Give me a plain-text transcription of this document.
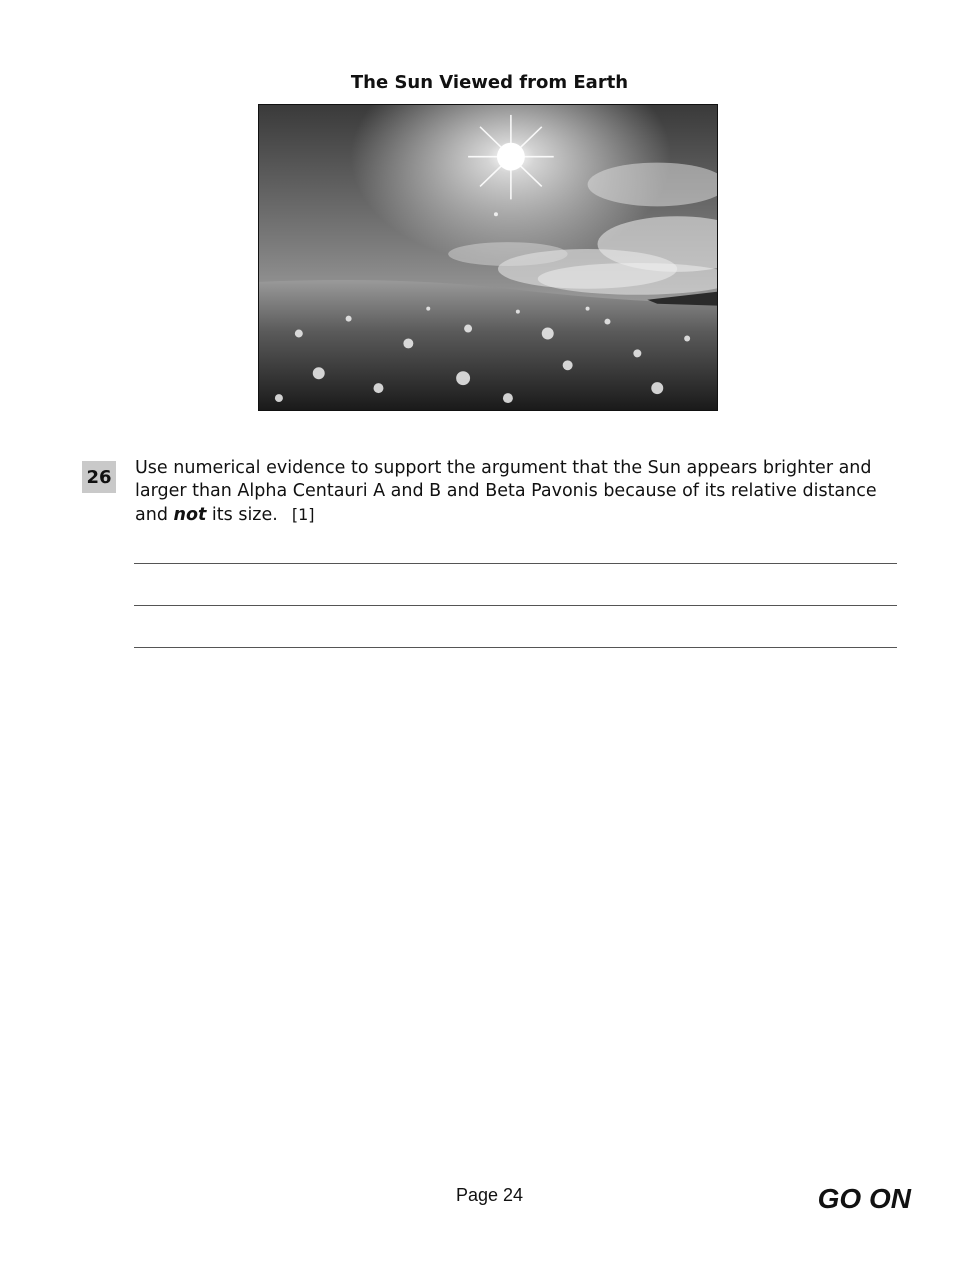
The Sun Viewed from Earth
26 Use numerical evidence to support the argument that the Sun appears brighter and larger than Alpha Centauri A and B and Beta Pavonis because of its relative distance and not its size. [1]
Page 24	GO ON
